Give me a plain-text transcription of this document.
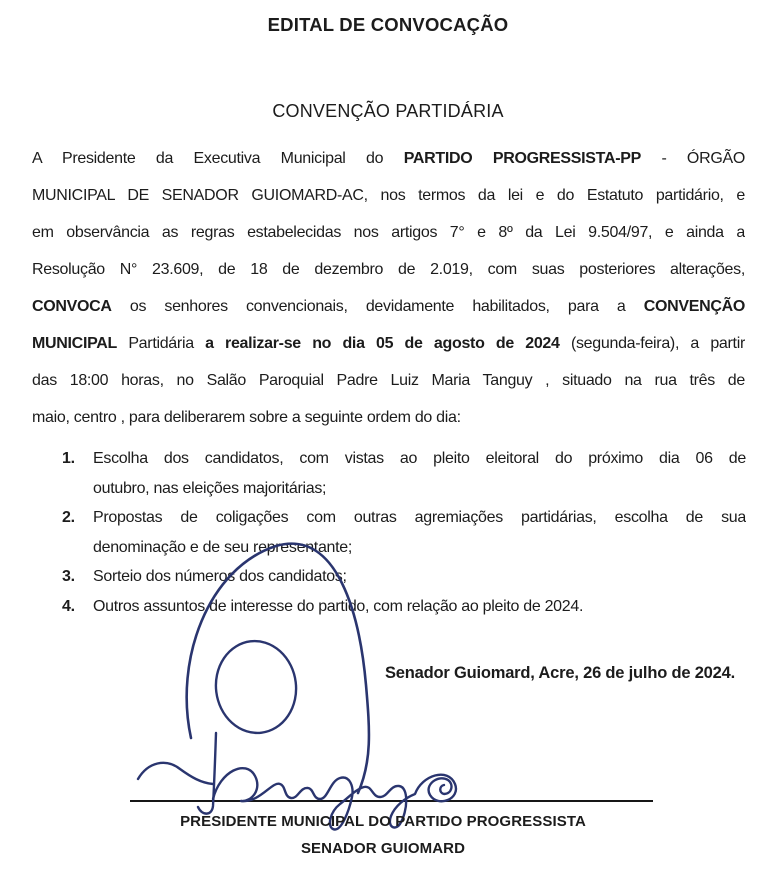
EDITAL DE CONVOCAÇÃO
CONVENÇÃO PARTIDÁRIA
A Presidente da Executiva Municipal do PARTIDO PROGRESSISTA-PP - ÓRGÃO
MUNICIPAL DE SENADOR GUIOMARD-AC, nos termos da lei e do Estatuto partidário, e
em observância as regras estabelecidas nos artigos 7° e 8º da Lei 9.504/97, e ainda a
Resolução N° 23.609, de 18 de dezembro de 2.019, com suas posteriores alterações,
CONVOCA os senhores convencionais, devidamente habilitados, para a CONVENÇÃO
MUNICIPAL Partidária a realizar-se no dia 05 de agosto de 2024 (segunda-feira), a partir
das 18:00 horas, no Salão Paroquial Padre Luiz Maria Tanguy , situado na rua três de
maio, centro , para deliberarem sobre a seguinte ordem do dia:
1.	Escolha dos candidatos, com vistas ao pleito eleitoral do próximo dia 06 de
outubro, nas eleições majoritárias;
2.	Propostas de coligações com outras agremiações partidárias, escolha de sua
denominação e de seu representante;
3.	Sorteio dos números dos candidatos;
4.	Outros assuntos de interesse do partido, com relação ao pleito de 2024.
Senador Guiomard, Acre, 26 de julho de 2024.
PRESIDENTE MUNICIPAL DO PARTIDO PROGRESSISTA
SENADOR GUIOMARD
